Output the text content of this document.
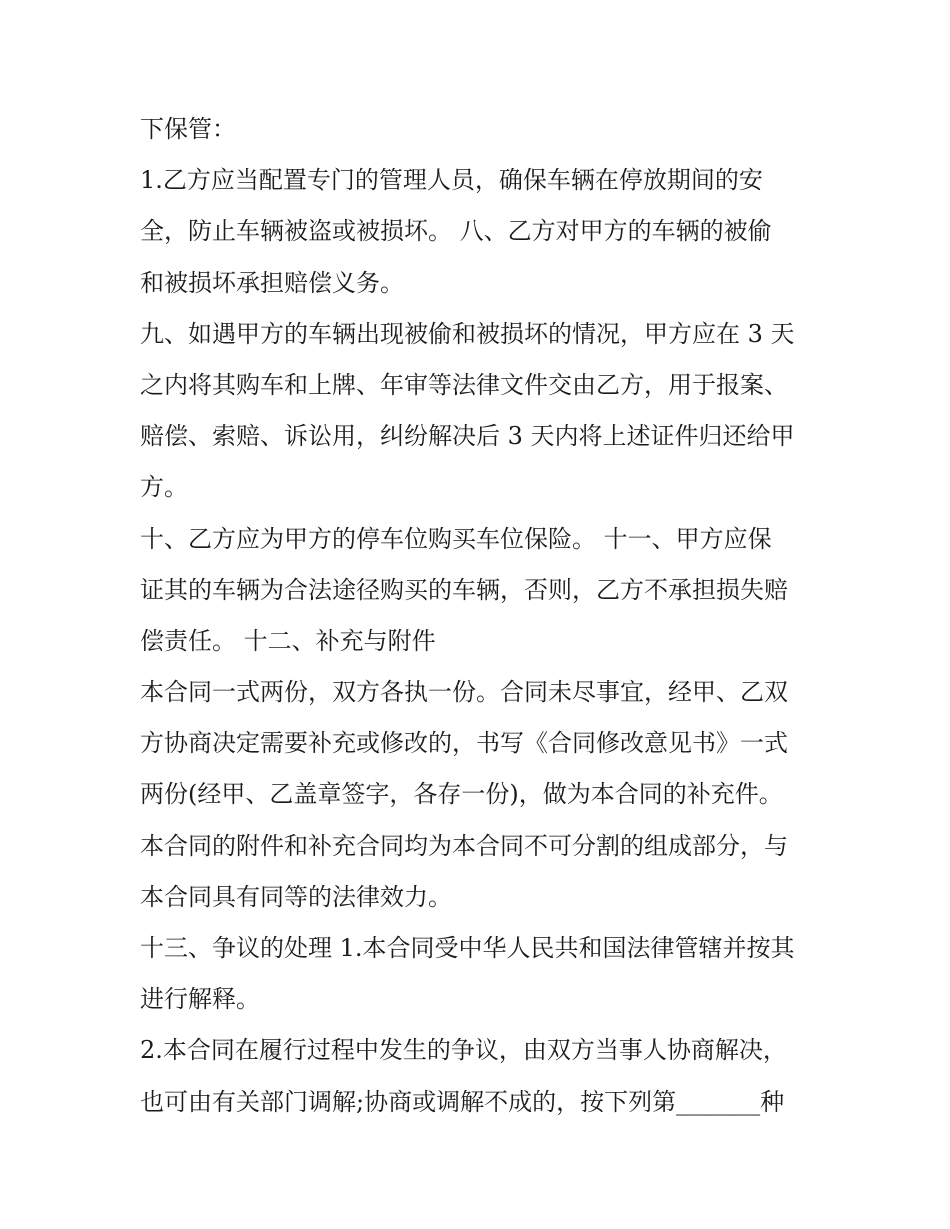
下保管：
1.乙方应当配置专门的管理人员，确保车辆在停放期间的安
全，防止车辆被盗或被损坏。 八、乙方对甲方的车辆的被偷
和被损坏承担赔偿义务。
九、如遇甲方的车辆出现被偷和被损坏的情况，甲方应在 3 天
之内将其购车和上牌、年审等法律文件交由乙方，用于报案、
赔偿、索赔、诉讼用，纠纷解决后 3 天内将上述证件归还给甲
方。
十、乙方应为甲方的停车位购买车位保险。 十一、甲方应保
证其的车辆为合法途径购买的车辆，否则，乙方不承担损失赔
偿责任。 十二、补充与附件
本合同一式两份，双方各执一份。合同未尽事宜，经甲、乙双
方协商决定需要补充或修改的，书写《合同修改意见书》一式
两份(经甲、乙盖章签字，各存一份)，做为本合同的补充件。
本合同的附件和补充合同均为本合同不可分割的组成部分，与
本合同具有同等的法律效力。
十三、争议的处理 1.本合同受中华人民共和国法律管辖并按其
进行解释。
2.本合同在履行过程中发生的争议，由双方当事人协商解决，
也可由有关部门调解;协商或调解不成的，按下列第_______种
